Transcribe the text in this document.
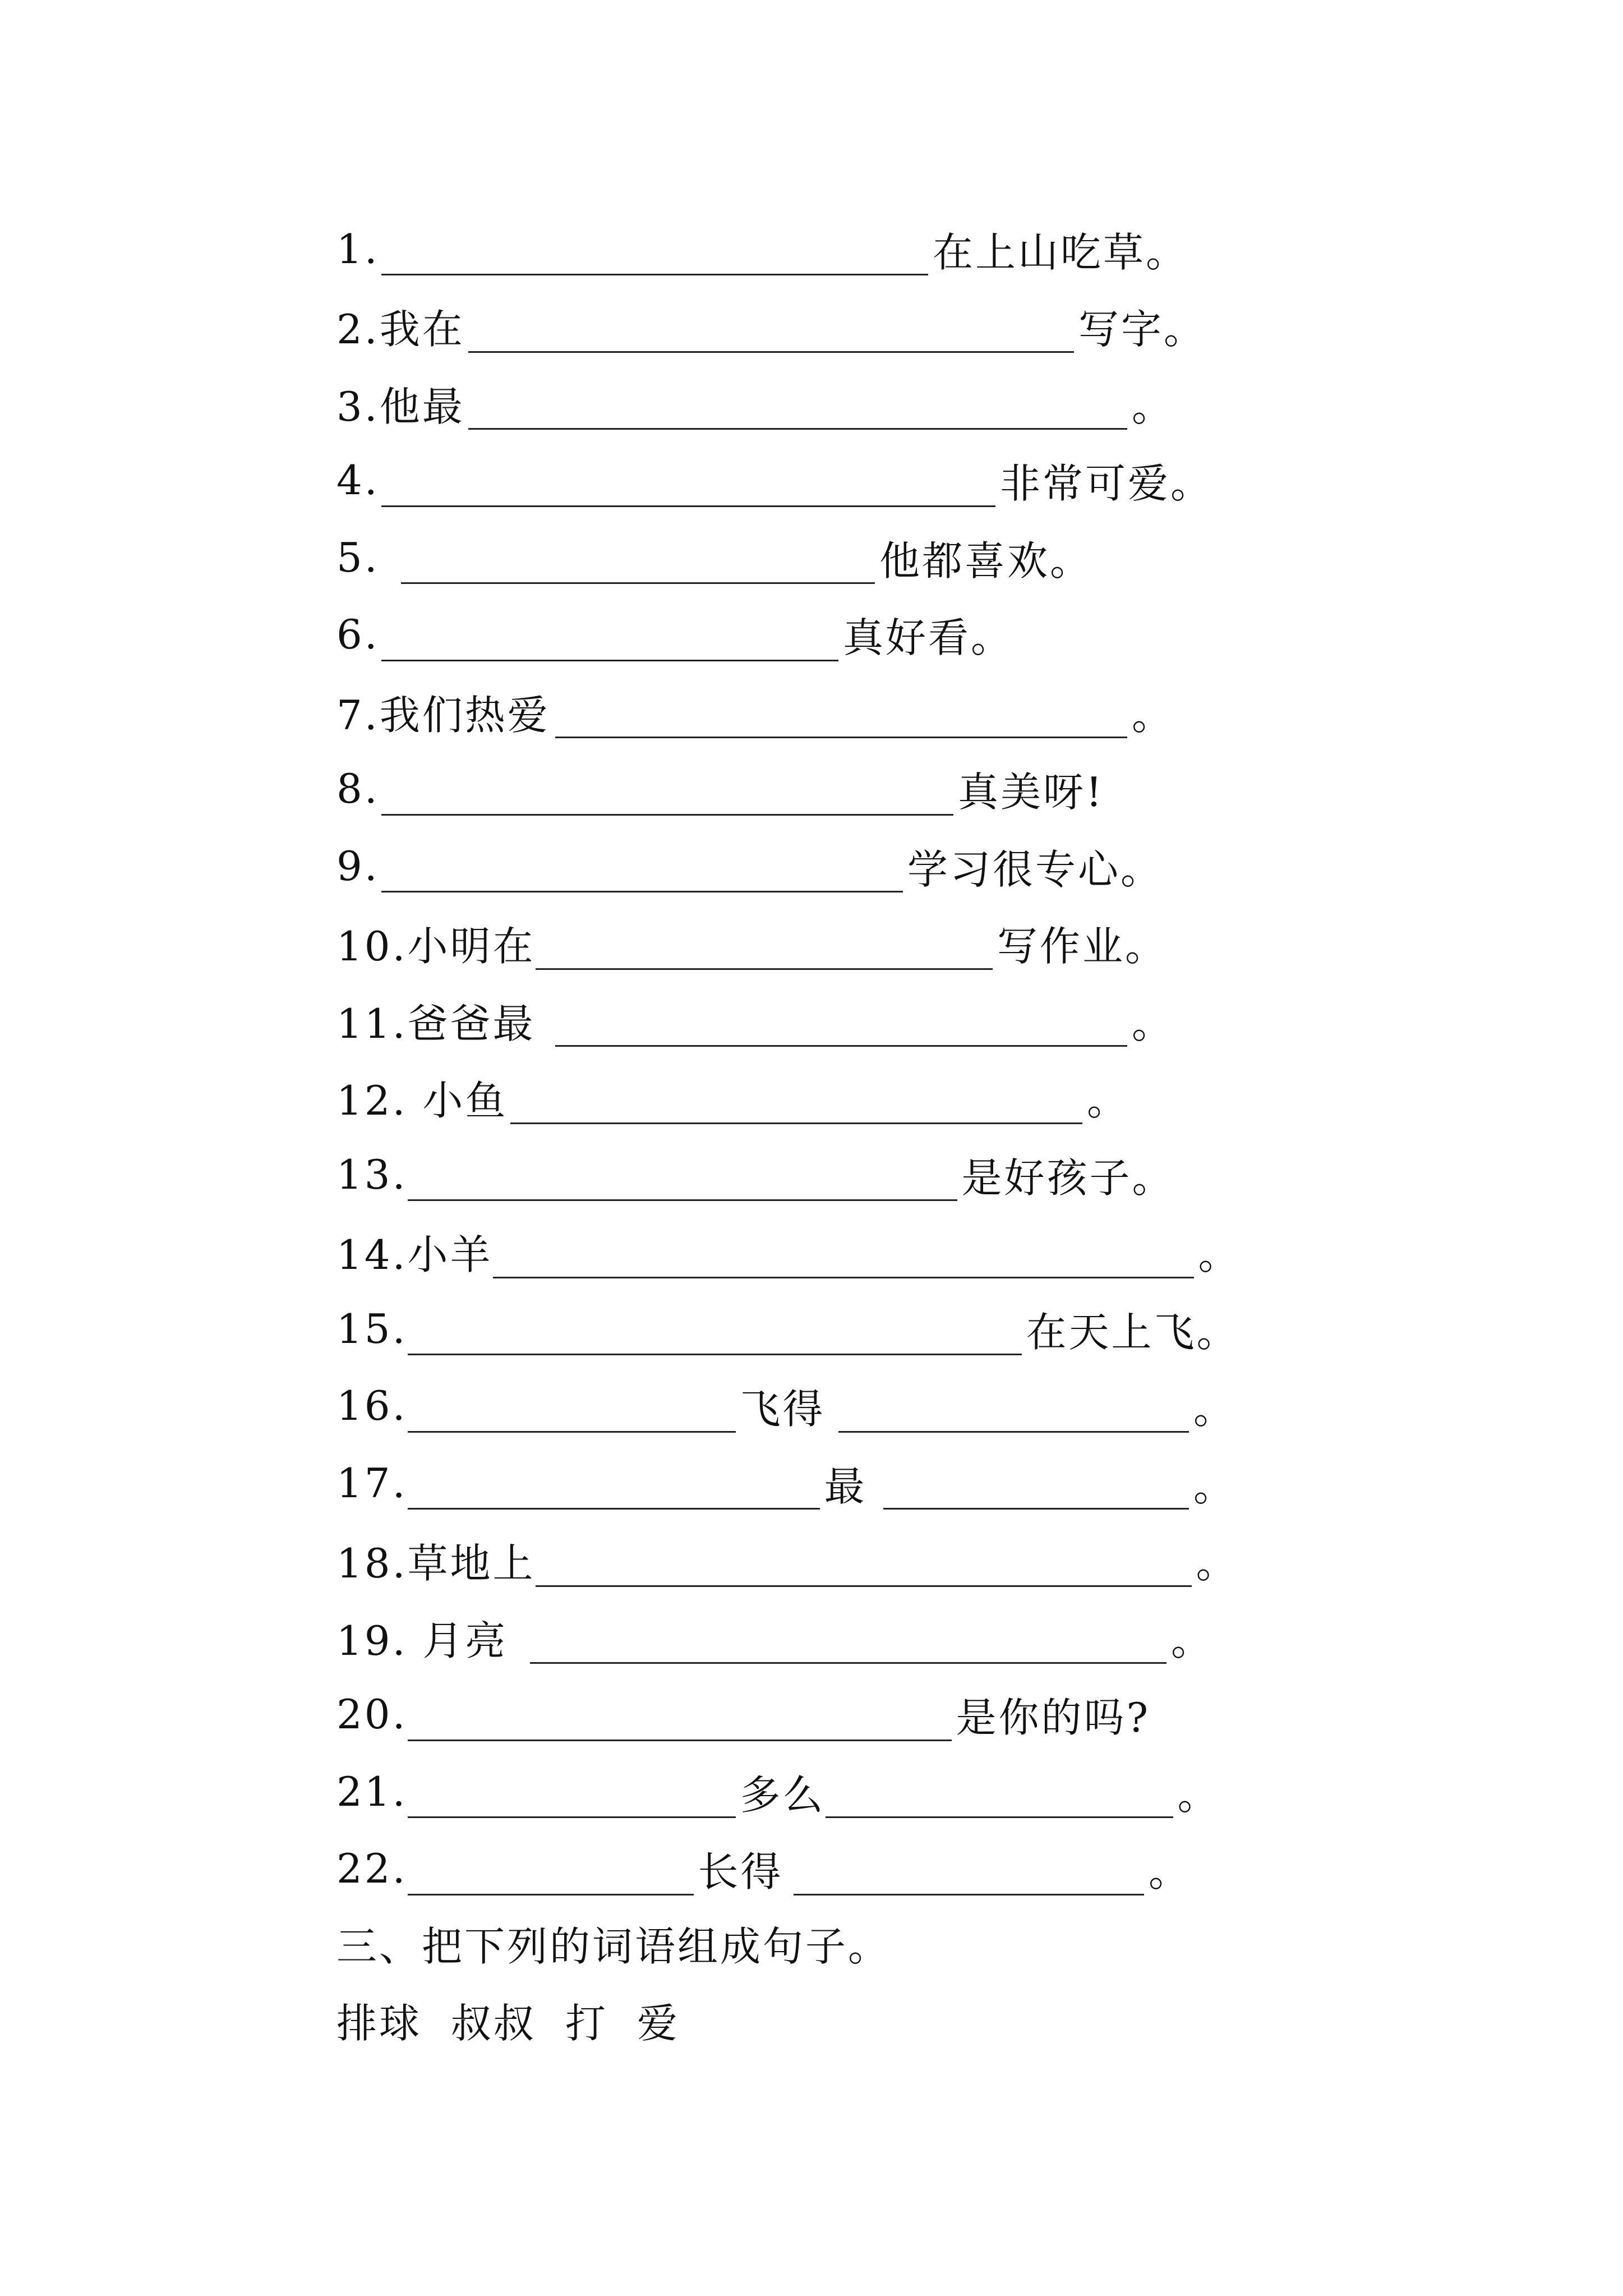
1.	在上山吃草。
2.我在	写字。
3.他最	。
4.	非常可爱。
5.	他都喜欢。
6.	真好看。
7.我们热爱	。
8.	真美呀!
9.	学习很专心。
10.小明在	写作业。
11.爸爸最	。
12. 小鱼	。
13.	是好孩子。
14.小羊	。
15.	在天上飞。
16.	飞得	。
17.	最	。
18.草地上	。
19. 月亮	。
20.	是你的吗?
21.	多么	。
22.	长得	。
三、把下列的词语组成句子。
排球 叔叔 打 爱
